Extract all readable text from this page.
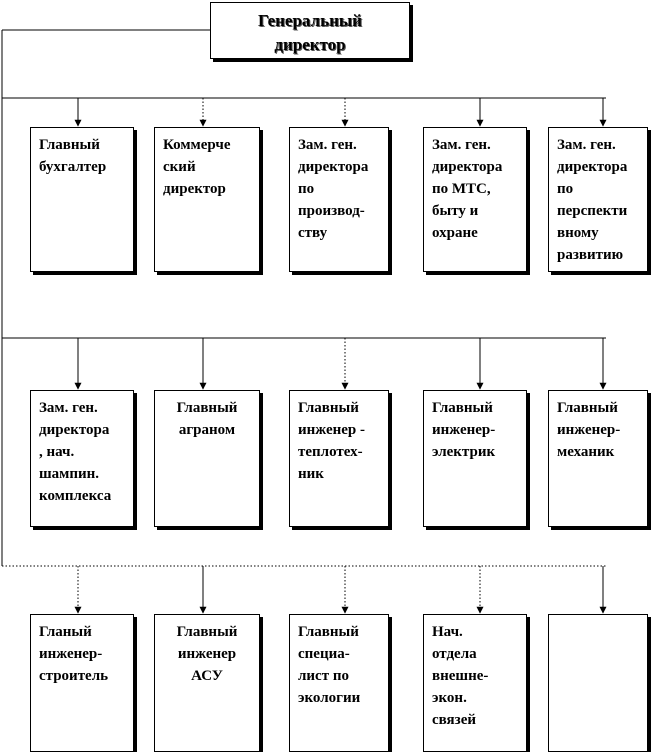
Генеральный
директор
Главный
бухгалтер
Коммерче
ский
директор
Зам. ген.
директора
по
производ-
ству
Зам. ген.
директора
по МТС,
быту и
охране
Зам. ген.
директора
по
перспекти
вному
развитию
Зам. ген.
директора
, нач.
шампин.
комплекса
Главный
аграном
Главный
инженер -
теплотех-
ник
Главный
инженер-
электрик
Главный
инженер-
механик
Гланый
инженер-
строитель
Главный
инженер
АСУ
Главный
специа-
лист по
экологии
Нач.
отдела
внешне-
экон.
связей
